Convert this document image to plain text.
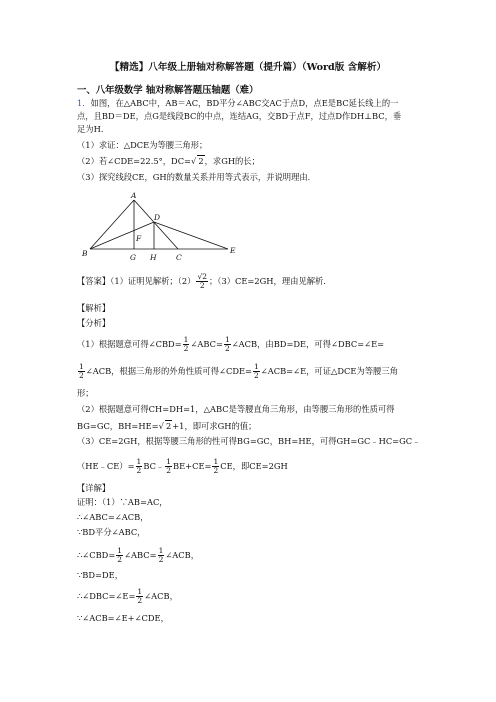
【精选】八年级上册轴对称解答题（提升篇）（Word版 含解析）
一、八年级数学 轴对称解答题压轴题（难）
1．如图，在△ABC中，AB＝AC，BD平分∠ABC交AC于点D，点E是BC延长线上的一
点，且BD＝DE，点G是线段BC的中点，连结AG，交BD于点F，过点D作DH⊥BC，垂
足为H．
（1）求证：△DCE为等腰三角形；
（2）若∠CDE=22.5°，DC=√ 2，求GH的长；
（3）探究线段CE，GH的数量关系并用等式表示，并说明理由．
A
D
F
B	G H	C
E
【答案】（1）证明见解析；$(2) \frac{√2}{2}$ ；（3）CE=2GH，理由见解析．
【解析】
【分析】
（1）根据题意可得∠CBD= $\frac{1}{2}$ ∠ABC= $\frac{1}{2}$ ∠ACB，由BD=DE，可得∠DBC=∠E=
$\frac{1}{2}$ ∠ACB，根据三角形的外角性质可得∠CDE= $\frac{1}{2}$ ∠ACB=∠E，可证△DCE为等腰三角
形；
（2）根据题意可得CH=DH=1，△ABC是等腰直角三角形，由等腰三角形的性质可得
BG=GC，BH=HE=√ 2+1，即可求GH的值；
（3）CE=2GH，根据等腰三角形的性可得BG=GC，BH=HE，可得GH=GC﹣HC=GC﹣
（HE﹣CE）= $\frac{1}{2}$ BC﹣ $\frac{1}{2} BE+CE= \frac{1}{2}$ CE，即CE=2GH
【详解】
证明：（1）∵AB=AC，
∴∠ABC=∠ACB，
∵BD平分∠ABC，
∴∠CBD= $\frac{1}{2}$ ∠ABC= $\frac{1}{2}$ ∠ACB，
∵BD=DE，
∴∠DBC=∠E= $\frac{1}{2}$ ∠ACB，
∵∠ACB=∠E+∠CDE，
